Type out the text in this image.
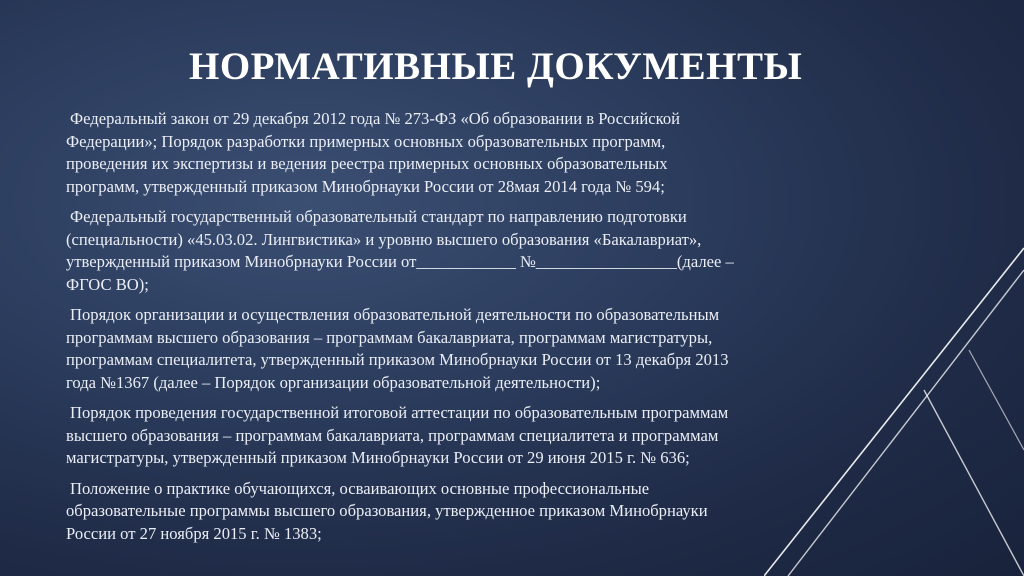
НОРМАТИВНЫЕ ДОКУМЕНТЫ
Федеральный закон от 29 декабря 2012 года № 273-ФЗ «Об образовании в Российской
Федерации»; Порядок разработки примерных основных образовательных программ,
проведения их экспертизы и ведения реестра примерных основных образовательных
программ, утвержденный приказом Минобрнауки России от 28мая 2014 года № 594;
Федеральный государственный образовательный стандарт по направлению подготовки
(специальности) «45.03.02. Лингвистика» и уровню высшего образования «Бакалавриат»,
утвержденный приказом Минобрнауки России от____________ №_________________(далее –
ФГОС ВО);
Порядок организации и осуществления образовательной деятельности по образовательным
программам высшего образования – программам бакалавриата, программам магистратуры,
программам специалитета, утвержденный приказом Минобрнауки России от 13 декабря 2013
года №1367 (далее – Порядок организации образовательной деятельности);
Порядок проведения государственной итоговой аттестации по образовательным программам
высшего образования – программам бакалавриата, программам специалитета и программам
магистратуры, утвержденный приказом Минобрнауки России от 29 июня 2015 г. № 636;
Положение о практике обучающихся, осваивающих основные профессиональные
образовательные программы высшего образования, утвержденное приказом Минобрнауки
России от 27 ноября 2015 г. № 1383;
